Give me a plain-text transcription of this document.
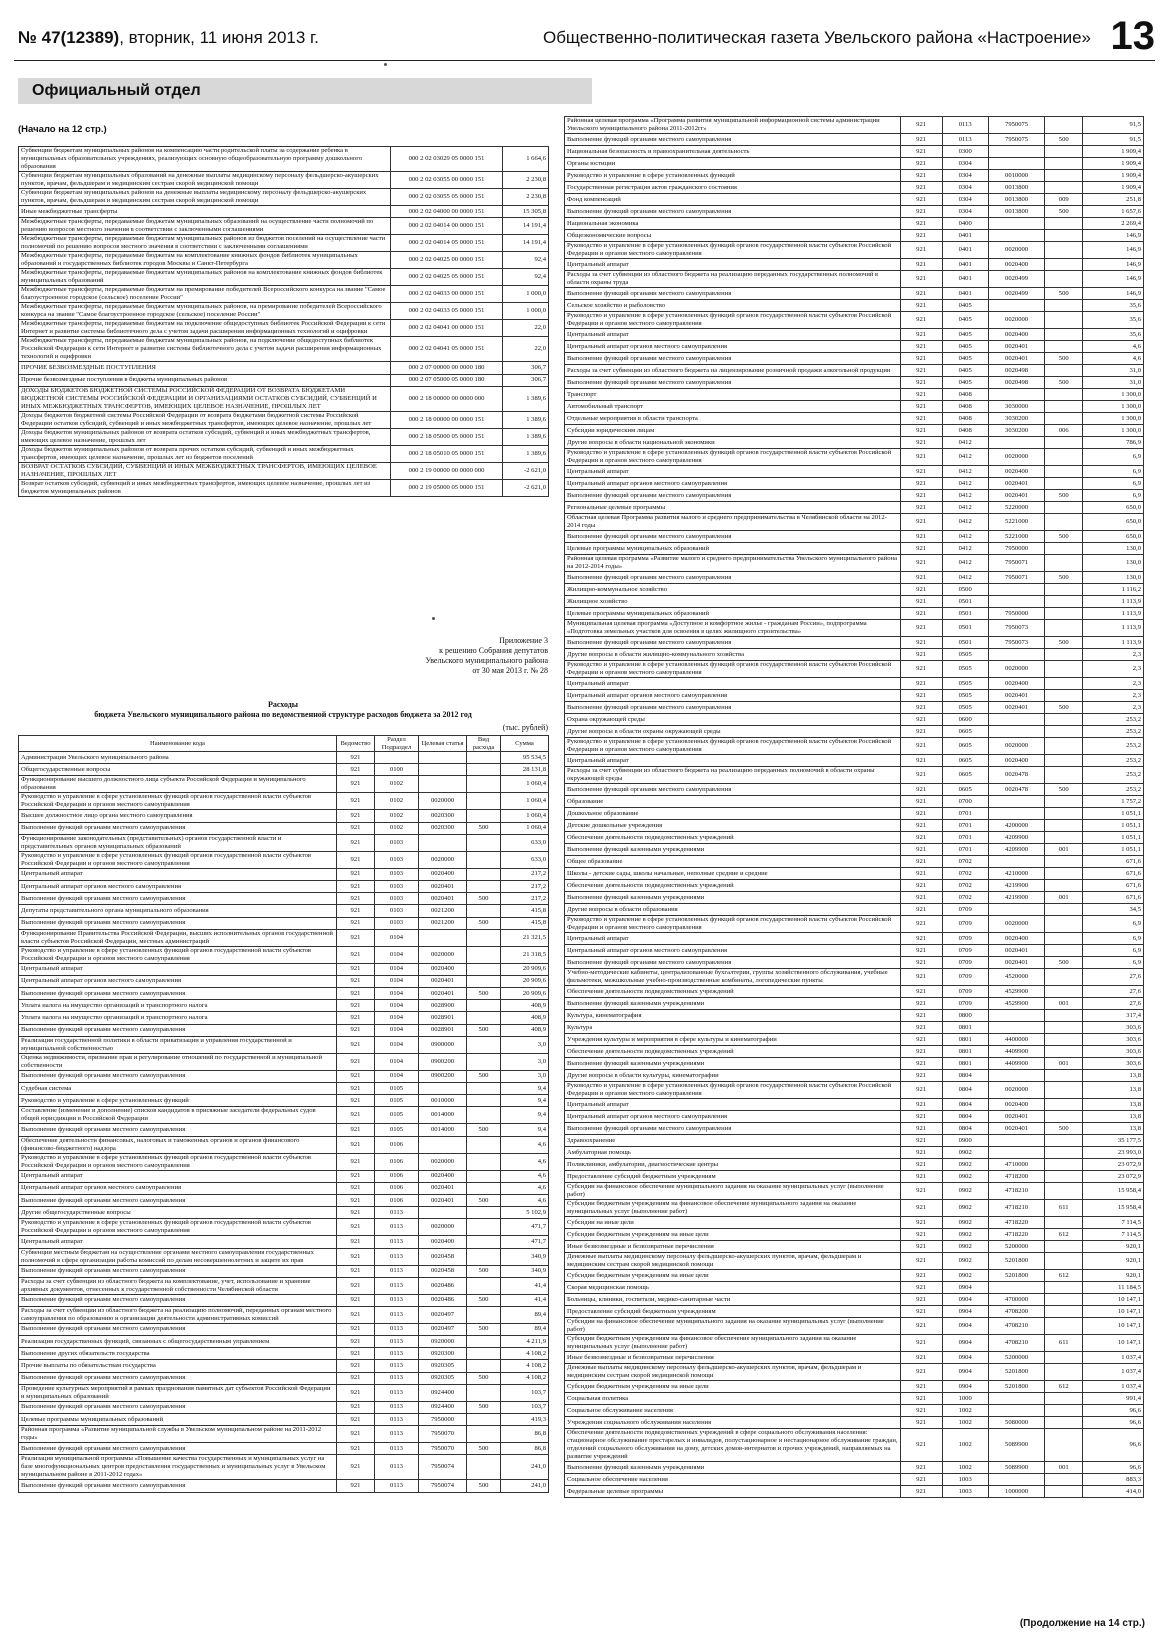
№ 47(12389), вторник, 11 июня 2013 г.	Общественно-политическая газета Увельского района «Настроение» 13
Официальный отдел
(Начало на 12 стр.)
Субвенции бюджетам муниципальных районов на компенсацию части родительской платы за содержание ребенка в муниципальных образовательных учреждениях, реализующих основную общеобразовательную программу дошкольного образования	000 2 02 03029 05 0000 151	1 664,6
Субвенции бюджетам муниципальных образований на денежные выплаты медицинскому персоналу фельдшерско-акушерских пунктов, врачам, фельдшерам и медицинским сестрам скорой медицинской помощи	000 2 02 03055 00 0000 151	2 230,8
Субвенции бюджетам муниципальных районов на денежные выплаты медицинскому персоналу фельдшерско-акушерских пунктов, врачам, фельдшерам и медицинским сестрам скорой медицинской помощи	000 2 02 03055 05 0000 151	2 230,8
Иные межбюджетные трансферты	000 2 02 04000 00 0000 151	15 305,8
Межбюджетные трансферты, передаваемые бюджетам муниципальных образований на осуществление части полномочий по решению вопросов местного значения в соответствии с заключенными соглашениями	000 2 02 04014 00 0000 151	14 191,4
Межбюджетные трансферты, передаваемые бюджетам муниципальных районов из бюджетов поселений на осуществление части полномочий по решению вопросов местного значения в соответствии с заключенными соглашениями	000 2 02 04014 05 0000 151	14 191,4
Межбюджетные трансферты, передаваемые бюджетам на комплектование книжных фондов библиотек муниципальных образований и государственных библиотек городов Москвы и Санкт-Петербурга	000 2 02 04025 00 0000 151	92,4
Межбюджетные трансферты, передаваемые бюджетам муниципальных районов на комплектование книжных фондов библиотек муниципальных образований	000 2 02 04025 05 0000 151	92,4
Межбюджетные трансферты, передаваемые бюджетам на премирование победителей Всероссийского конкурса на звание "Самое благоустроенное городское (сельское) поселение России"	000 2 02 04033 00 0000 151	1 000,0
Межбюджетные трансферты, передаваемые бюджетам муниципальных районов, на премирование победителей Всероссийского конкурса на звание "Самое благоустроенное городское (сельское) поселение России"	000 2 02 04033 05 0000 151	1 000,0
Межбюджетные трансферты, передаваемые бюджетам на подключение общедоступных библиотек Российской Федерации к сети Интернет и развитие системы библиотечного дела с учетом задачи расширения информационных технологий и оцифровки	000 2 02 04041 00 0000 151	22,0
Межбюджетные трансферты, передаваемые бюджетам муниципальных районов, на подключение общедоступных библиотек Российской Федерации к сети Интернет и развитие системы библиотечного дела с учетом задачи расширения информационных технологий и оцифровки	000 2 02 04041 05 0000 151	22,0
ПРОЧИЕ БЕЗВОЗМЕЗДНЫЕ ПОСТУПЛЕНИЯ	000 2 07 00000 00 0000 180	306,7
Прочие безвозмездные поступления в бюджеты муниципальных районов	000 2 07 05000 05 0000 180	306,7
ДОХОДЫ БЮДЖЕТОВ БЮДЖЕТНОЙ СИСТЕМЫ РОССИЙСКОЙ ФЕДЕРАЦИИ ОТ ВОЗВРАТА БЮДЖЕТАМИ БЮДЖЕТНОЙ СИСТЕМЫ РОССИЙСКОЙ ФЕДЕРАЦИИ И ОРГАНИЗАЦИЯМИ ОСТАТКОВ СУБСИДИЙ, СУБВЕНЦИЙ И ИНЫХ МЕЖБЮДЖЕТНЫХ ТРАНСФЕРТОВ, ИМЕЮЩИХ ЦЕЛЕВОЕ НАЗНАЧЕНИЕ, ПРОШЛЫХ ЛЕТ	000 2 18 00000 00 0000 000	1 389,6
Доходы бюджетов бюджетной системы Российской Федерации от возврата бюджетами бюджетной системы Российской Федерации остатков субсидий, субвенций и иных межбюджетных трансфертов, имеющих целевое назначение, прошлых лет	000 2 18 00000 00 0000 151	1 389,6
Доходы бюджетов муниципальных районов от возврата остатков субсидий, субвенций и иных межбюджетных трансфертов, имеющих целевое назначение, прошлых лет	000 2 18 05000 05 0000 151	1 389,6
Доходы бюджетов муниципальных районов от возврата прочих остатков субсидий, субвенций и иных межбюджетных трансфертов, имеющих целевое назначение, прошлых лет из бюджетов поселений	000 2 18 05010 05 0000 151	1 389,6
ВОЗВРАТ ОСТАТКОВ СУБСИДИЙ, СУБВЕНЦИЙ И ИНЫХ МЕЖБЮДЖЕТНЫХ ТРАНСФЕРТОВ, ИМЕЮЩИХ ЦЕЛЕВОЕ НАЗНАЧЕНИЕ, ПРОШЛЫХ ЛЕТ	000 2 19 00000 00 0000 000	-2 621,0
Возврат остатков субсидий, субвенций и иных межбюджетных трансфертов, имеющих целевое назначение, прошлых лет из бюджетов муниципальных районов	000 2 19 05000 05 0000 151	-2 621,0
Приложение 3
к решению Собрания депутатов
Увельского муниципального района
от 30 мая 2013 г. № 28
Расходы
бюджета Увельского муниципального района по ведомственной структуре расходов бюджета за 2012 год
(тыс. рублей)
Наименование кода	Ведомство	Раздел Подраздел	Целевая статья	Вид расхода	Сумма
Администрация Увельского муниципального района	921				95 534,5
Общегосударственные вопросы	921	0100			28 131,8
Функционирование высшего должностного лица субъекта Российской Федерации и муниципального образования	921	0102			1 060,4
Руководство и управление в сфере установленных функций органов государственной власти субъектов Российской Федерации и органов местного самоуправления	921	0102	0020000		1 060,4
Высшее должностное лицо органа местного самоуправления	921	0102	0020300		1 060,4
Выполнение функций органами местного самоуправления	921	0102	0020300	500	1 060,4
Функционирование законодательных (представительных) органов государственной власти и представительных органов муниципальных образований	921	0103			633,0
Руководство и управление в сфере установленных функций органов государственной власти субъектов Российской Федерации и органов местного самоуправления	921	0103	0020000		633,0
Центральный аппарат	921	0103	0020400		217,2
Центральный аппарат органов местного самоуправления	921	0103	0020401		217,2
Выполнение функций органами местного самоуправления	921	0103	0020401	500	217,2
Депутаты представительного органа муниципального образования	921	0103	0021200		415,8
Выполнение функций органами местного самоуправления	921	0103	0021200	500	415,8
Функционирование Правительства Российской Федерации, высших исполнительных органов государственной власти субъектов Российской Федерации, местных администраций	921	0104			21 321,5
Руководство и управление в сфере установленных функций органов государственной власти субъектов Российской Федерации и органов местного самоуправления	921	0104	0020000		21 318,5
Центральный аппарат	921	0104	0020400		20 909,6
Центральный аппарат органов местного самоуправления	921	0104	0020401		20 909,6
Выполнение функций органами местного самоуправления	921	0104	0020401	500	20 909,6
Уплата налога на имущество организаций и транспортного налога	921	0104	0028900		408,9
Уплата налога на имущество организаций и транспортного налога	921	0104	0028901		408,9
Выполнение функций органами местного самоуправления	921	0104	0028901	500	408,9
Реализация государственной политики в области приватизации и управления государственной и муниципальной собственностью	921	0104	0900000		3,0
Оценка недвижимости, признание прав и регулирование отношений по государственной и муниципальной собственности	921	0104	0900200		3,0
Выполнение функций органами местного самоуправления	921	0104	0900200	500	3,0
Судебная система	921	0105			9,4
Руководство и управление в сфере установленных функций	921	0105	0010000		9,4
Составление (изменение и дополнение) списков кандидатов в присяжные заседатели федеральных судов общей юрисдикции в Российской Федерации	921	0105	0014000		9,4
Выполнение функций органами местного самоуправления	921	0105	0014000	500	9,4
Обеспечение деятельности финансовых, налоговых и таможенных органов и органов финансового (финансово-бюджетного) надзора	921	0106			4,6
Руководство и управление в сфере установленных функций органов государственной власти субъектов Российской Федерации и органов местного самоуправления	921	0106	0020000		4,6
Центральный аппарат	921	0106	0020400		4,6
Центральный аппарат органов местного самоуправления	921	0106	0020401		4,6
Выполнение функций органами местного самоуправления	921	0106	0020401	500	4,6
Другие общегосударственные вопросы	921	0113			5 102,9
Руководство и управление в сфере установленных функций органов государственной власти субъектов Российской Федерации и органов местного самоуправления	921	0113	0020000		471,7
Центральный аппарат	921	0113	0020400		471,7
Субвенции местным бюджетам на осуществление органами местного самоуправления государственных полномочий в сфере организации работы комиссий по делам несовершеннолетних и защите их прав	921	0113	0020458		340,9
Выполнение функций органами местного самоуправления	921	0113	0020458	500	340,9
Расходы за счет субвенции из областного бюджета на комплектование, учет, использование и хранение архивных документов, отнесенных к государственной собственности Челябинской области	921	0113	0020486		41,4
Выполнение функций органами местного самоуправления	921	0113	0020486	500	41,4
Расходы за счет субвенции из областного бюджета на реализацию полномочий, переданных органам местного самоуправления по образованию и организации деятельности административных комиссий	921	0113	0020497		89,4
Выполнение функций органами местного самоуправления	921	0113	0020497	500	89,4
Реализация государственных функций, связанных с общегосударственным управлением	921	0113	0920000		4 211,9
Выполнение других обязательств государства	921	0113	0920300		4 108,2
Прочие выплаты по обязательствам государства	921	0113	0920305		4 108,2
Выполнение функций органами местного самоуправления	921	0113	0920305	500	4 108,2
Проведение культурных мероприятий в рамках празднования памятных дат субъектов Российской Федерации и муниципальных образований	921	0113	0924400		103,7
Выполнение функций органами местного самоуправления	921	0113	0924400	500	103,7
Целевые программы муниципальных образований	921	0113	7950000		419,3
Районная программа «Развитие муниципальной службы в Увельском муниципальном районе на 2011-2012 годы»	921	0113	7950070		86,8
Выполнение функций органами местного самоуправления	921	0113	7950070	500	86,8
Реализация муниципальной программы «Повышение качества государственных и муниципальных услуг на базе многофункциональных центров предоставления государственных и муниципальных услуг в Увельском муниципальном районе в 2011-2012 годах»	921	0113	7950074		241,0
Выполнение функций органами местного самоуправления	921	0113	7950074	500	241,0
Районная целевая программа «Программа развития муниципальной информационной системы администрации Увельского муниципального района 2011-2012гг»	921	0113	7950075		91,5
Выполнение функций органами местного самоуправления	921	0113	7950075	500	91,5
Национальная безопасность и правоохранительная деятельность	921	0300			1 909,4
Органы юстиции	921	0304			1 909,4
Руководство и управление в сфере установленных функций	921	0304	0010000		1 909,4
Государственная регистрация актов гражданского состояния	921	0304	0013800		1 909,4
Фонд компенсаций	921	0304	0013800	009	251,8
Выполнение функций органами местного самоуправления	921	0304	0013800	500	1 657,6
Национальная экономика	921	0400			2 269,4
Общеэкономические вопросы	921	0401			146,9
Руководство и управление в сфере установленных функций органов государственной власти субъектов Российской Федерации и органов местного самоуправления	921	0401	0020000		146,9
Центральный аппарат	921	0401	0020400		146,9
Расходы за счет субвенции из областного бюджета на реализацию переданных государственных полномочий в области охраны труда	921	0401	0020499		146,9
Выполнение функций органами местного самоуправления	921	0401	0020499	500	146,9
Сельское хозяйство и рыболовство	921	0405			35,6
Руководство и управление в сфере установленных функций органов государственной власти субъектов Российской Федерации и органов местного самоуправления	921	0405	0020000		35,6
Центральный аппарат	921	0405	0020400		35,6
Центральный аппарат органов местного самоуправления	921	0405	0020401		4,6
Выполнение функций органами местного самоуправления	921	0405	0020401	500	4,6
Расходы за счет субвенции из областного бюджета на лицензирование розничной продажи алкогольной продукции	921	0405	0020498		31,0
Выполнение функций органами местного самоуправления	921	0405	0020498	500	31,0
Транспорт	921	0408			1 300,0
Автомобильный транспорт	921	0408	3030000		1 300,0
Отдельные мероприятия в области транспорта	921	0408	3030200		1 300,0
Субсидии юридическим лицам	921	0408	3030200	006	1 300,0
Другие вопросы в области национальной экономики	921	0412			786,9
Руководство и управление в сфере установленных функций органов государственной власти субъектов Российской Федерации и органов местного самоуправления	921	0412	0020000		6,9
Центральный аппарат	921	0412	0020400		6,9
Центральный аппарат органов местного самоуправления	921	0412	0020401		6,9
Выполнение функций органами местного самоуправления	921	0412	0020401	500	6,9
Региональные целевые программы	921	0412	5220000		650,0
Областная целевая Программа развития малого и среднего предпринимательства в Челябинской области на 2012-2014 годы	921	0412	5221000		650,0
Выполнение функций органами местного самоуправления	921	0412	5221000	500	650,0
Целевые программы муниципальных образований	921	0412	7950000		130,0
Районная целевая программа «Развитие малого и среднего предпринимательства Увельского муниципального района на 2012-2014 годы»	921	0412	7950071		130,0
Выполнение функций органами местного самоуправления	921	0412	7950071	500	130,0
Жилищно-коммунальное хозяйство	921	0500			1 116,2
Жилищное хозяйство	921	0501			1 113,9
Целевые программы муниципальных образований	921	0501	7950000		1 113,9
Муниципальная целевая программа «Доступное и комфортное жилье - гражданам России», подпрограмма «Подготовка земельных участков для освоения в целях жилищного строительства»	921	0501	7950073		1 113,9
Выполнение функций органами местного самоуправления	921	0501	7950073	500	1 113,9
Другие вопросы в области жилищно-коммунального хозяйства	921	0505			2,3
Руководство и управление в сфере установленных функций органов государственной власти субъектов Российской Федерации и органов местного самоуправления	921	0505	0020000		2,3
Центральный аппарат	921	0505	0020400		2,3
Центральный аппарат органов местного самоуправления	921	0505	0020401		2,3
Выполнение функций органами местного самоуправления	921	0505	0020401	500	2,3
Охрана окружающей среды	921	0600			253,2
Другие вопросы в области охраны окружающей среды	921	0605			253,2
Руководство и управление в сфере установленных функций органов государственной власти субъектов Российской Федерации и органов местного самоуправления	921	0605	0020000		253,2
Центральный аппарат	921	0605	0020400		253,2
Расходы за счет субвенции из областного бюджета на реализацию переданных полномочий в области охраны окружающей среды	921	0605	0020478		253,2
Выполнение функций органами местного самоуправления	921	0605	0020478	500	253,2
Образование	921	0700			1 757,2
Дошкольное образование	921	0701			1 051,1
Детские дошкольные учреждения	921	0701	4200000		1 051,1
Обеспечение деятельности подведомственных учреждений	921	0701	4209900		1 051,1
Выполнение функций казенными учреждениями	921	0701	4209900	001	1 051,1
Общее образование	921	0702			671,6
Школы - детские сады, школы начальные, неполные средние и средние	921	0702	4210000		671,6
Обеспечение деятельности подведомственных учреждений	921	0702	4219900		671,6
Выполнение функций казенными учреждениями	921	0702	4219900	001	671,6
Другие вопросы в области образования	921	0709			34,5
Руководство и управление в сфере установленных функций органов государственной власти субъектов Российской Федерации и органов местного самоуправления	921	0709	0020000		6,9
Центральный аппарат	921	0709	0020400		6,9
Центральный аппарат органов местного самоуправления	921	0709	0020401		6,9
Выполнение функций органами местного самоуправления	921	0709	0020401	500	6,9
Учебно-методические кабинеты, централизованные бухгалтерии, группы хозяйственного обслуживания, учебные фильмотеки, межшкольные учебно-производственные комбинаты, логопедические пункты	921	0709	4520000		27,6
Обеспечение деятельности подведомственных учреждений	921	0709	4529900		27,6
Выполнение функций казенными учреждениями	921	0709	4529900	001	27,6
Культура, кинематография	921	0800			317,4
Культура	921	0801			303,6
Учреждения культуры и мероприятия в сфере культуры и кинематографии	921	0801	4400000		303,6
Обеспечение деятельности подведомственных учреждений	921	0801	4409900		303,6
Выполнение функций казенными учреждениями	921	0801	4409900	001	303,6
Другие вопросы в области культуры, кинематографии	921	0804			13,8
Руководство и управление в сфере установленных функций органов государственной власти субъектов Российской Федерации и органов местного самоуправления	921	0804	0020000		13,8
Центральный аппарат	921	0804	0020400		13,8
Центральный аппарат органов местного самоуправления	921	0804	0020401		13,8
Выполнение функций органами местного самоуправления	921	0804	0020401	500	13,8
Здравоохранение	921	0900			35 177,5
Амбулаторная помощь	921	0902			23 993,0
Поликлиники, амбулатории, диагностические центры	921	0902	4710000		23 072,9
Предоставление субсидий бюджетным учреждениям	921	0902	4718200		23 072,9
Субсидии на финансовое обеспечение муниципального задания на оказание муниципальных услуг (выполнение работ)	921	0902	4718210		15 958,4
Субсидии бюджетным учреждениям на финансовое обеспечение муниципального задания на оказание муниципальных услуг (выполнение работ)	921	0902	4718210	611	15 958,4
Субсидии на иные цели	921	0902	4718220		7 114,5
Субсидии бюджетным учреждениям на иные цели	921	0902	4718220	612	7 114,5
Иные безвозмездные и безвозвратные перечисления	921	0902	5200000		920,1
Денежные выплаты медицинскому персоналу фельдшерско-акушерских пунктов, врачам, фельдшерам и медицинским сестрам скорой медицинской помощи	921	0902	5201800		920,1
Субсидии бюджетным учреждениям на иные цели	921	0902	5201800	612	920,1
Скорая медицинская помощь	921	0904			11 184,5
Больницы, клиники, госпитали, медико-санитарные части	921	0904	4700000		10 147,1
Предоставление субсидий бюджетным учреждениям	921	0904	4708200		10 147,1
Субсидии на финансовое обеспечение муниципального задания на оказание муниципальных услуг (выполнение работ)	921	0904	4708210		10 147,1
Субсидии бюджетным учреждениям на финансовое обеспечение муниципального задания на оказание муниципальных услуг (выполнение работ)	921	0904	4708210	611	10 147,1
Иные безвозмездные и безвозвратные перечисления	921	0904	5200000		1 037,4
Денежные выплаты медицинскому персоналу фельдшерско-акушерских пунктов, врачам, фельдшерам и медицинским сестрам скорой медицинской помощи	921	0904	5201800		1 037,4
Субсидии бюджетным учреждениям на иные цели	921	0904	5201800	612	1 037,4
Социальная политика	921	1000			991,4
Социальное обслуживание населения	921	1002			96,6
Учреждения социального обслуживания населения	921	1002	5080000		96,6
Обеспечение деятельности подведомственных учреждений в сфере социального обслуживания населения: стационарное обслуживание престарелых и инвалидов, полустационарное и нестационарное обслуживание граждан, отделений социального обслуживания на дому, детских домов-интернатов и прочих учреждений, направляемых на развитие учреждений	921	1002	5089900		96,6
Выполнение функций казенными учреждениями	921	1002	5089900	001	96,6
Социальное обеспечение населения	921	1003			883,3
Федеральные целевые программы	921	1003	1000000		414,0
(Продолжение на 14 стр.)
